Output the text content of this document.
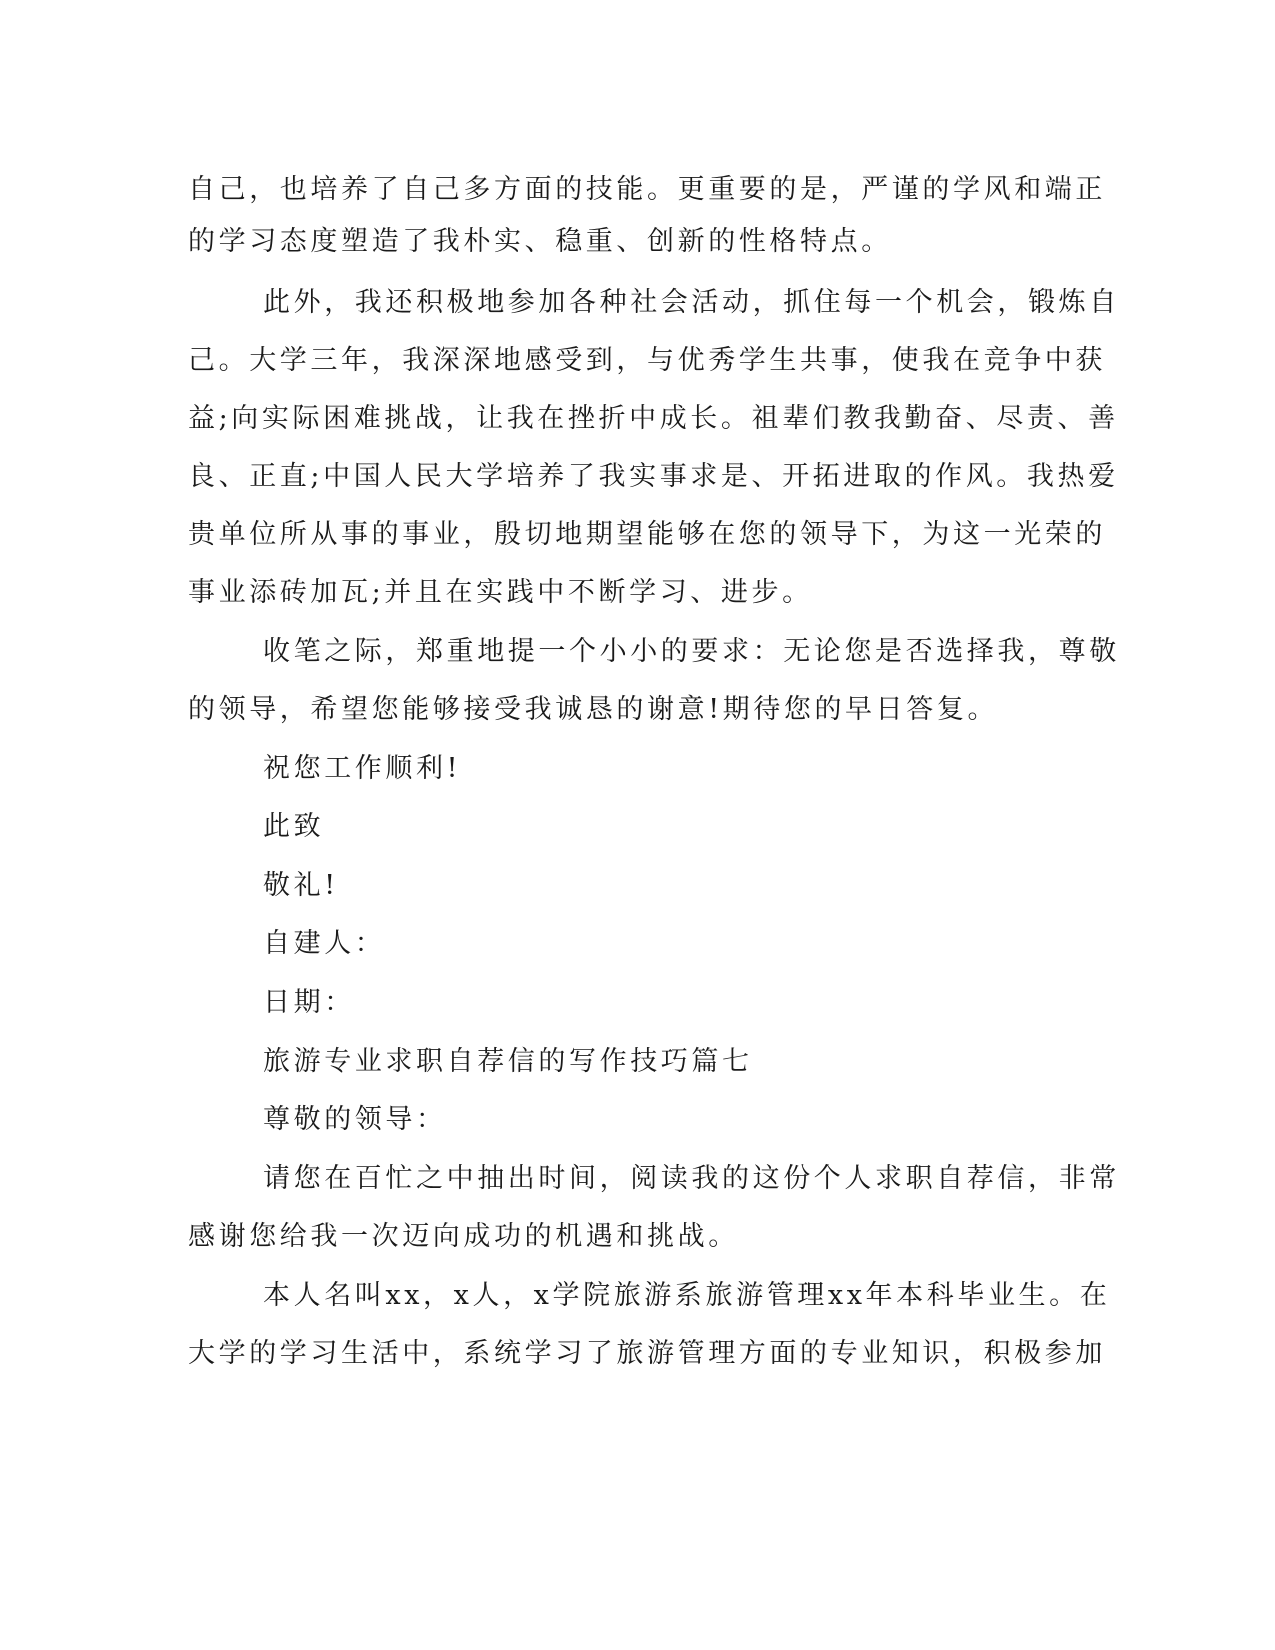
自己，也培养了自己多方面的技能。更重要的是，严谨的学风和端正
的学习态度塑造了我朴实、稳重、创新的性格特点。
此外，我还积极地参加各种社会活动，抓住每一个机会，锻炼自
己。大学三年，我深深地感受到，与优秀学生共事，使我在竞争中获
益;向实际困难挑战，让我在挫折中成长。祖辈们教我勤奋、尽责、善
良、正直;中国人民大学培养了我实事求是、开拓进取的作风。我热爱
贵单位所从事的事业，殷切地期望能够在您的领导下，为这一光荣的
事业添砖加瓦;并且在实践中不断学习、进步。
收笔之际，郑重地提一个小小的要求：无论您是否选择我，尊敬
的领导，希望您能够接受我诚恳的谢意!期待您的早日答复。
祝您工作顺利!
此致
敬礼!
自建人：
日期：
旅游专业求职自荐信的写作技巧篇七
尊敬的领导：
请您在百忙之中抽出时间，阅读我的这份个人求职自荐信，非常
感谢您给我一次迈向成功的机遇和挑战。
本人名叫xx，x人，x学院旅游系旅游管理xx年本科毕业生。在
大学的学习生活中，系统学习了旅游管理方面的专业知识，积极参加
